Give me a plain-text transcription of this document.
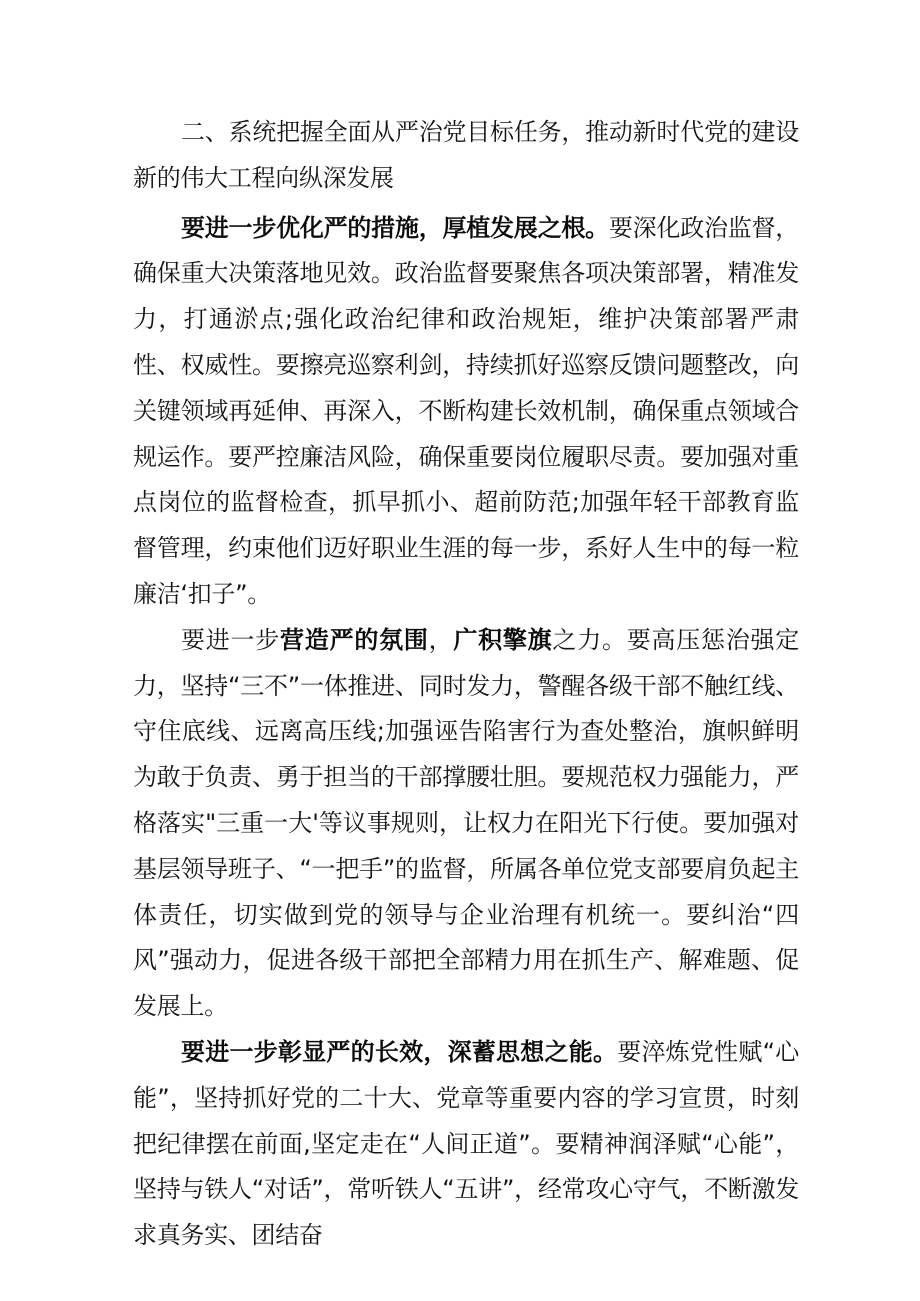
二、系统把握全面从严治党目标任务，推动新时代党的建设新的伟大工程向纵深发展

要进一步优化严的措施，厚植发展之根。要深化政治监督，确保重大决策落地见效。政治监督要聚焦各项决策部署，精准发力，打通淤点;强化政治纪律和政治规矩，维护决策部署严肃性、权威性。要擦亮巡察利剑，持续抓好巡察反馈问题整改，向关键领域再延伸、再深入，不断构建长效机制，确保重点领域合规运作。要严控廉洁风险，确保重要岗位履职尽责。要加强对重点岗位的监督检查，抓早抓小、超前防范;加强年轻干部教育监督管理，约束他们迈好职业生涯的每一步，系好人生中的每一粒廉洁‘扣子”。

要进一步营造严的氛围，广积擎旗之力。要高压惩治强定力，坚持“三不”一体推进、同时发力，警醒各级干部不触红线、守住底线、远离高压线;加强诬告陷害行为查处整治，旗帜鲜明为敢于负责、勇于担当的干部撑腰壮胆。要规范权力强能力，严格落实"三重一大'等议事规则，让权力在阳光下行使。要加强对基层领导班子、“一把手”的监督，所属各单位党支部要肩负起主体责任，切实做到党的领导与企业治理有机统一。要纠治“四风”强动力，促进各级干部把全部精力用在抓生产、解难题、促发展上。

要进一步彰显严的长效，深蓄思想之能。要淬炼党性赋“心能”，坚持抓好党的二十大、党章等重要内容的学习宣贯，时刻把纪律摆在前面,坚定走在“人间正道”。要精神润泽赋“心能”，坚持与铁人“对话”，常听铁人“五讲”，经常攻心守气，不断激发求真务实、团结奋
